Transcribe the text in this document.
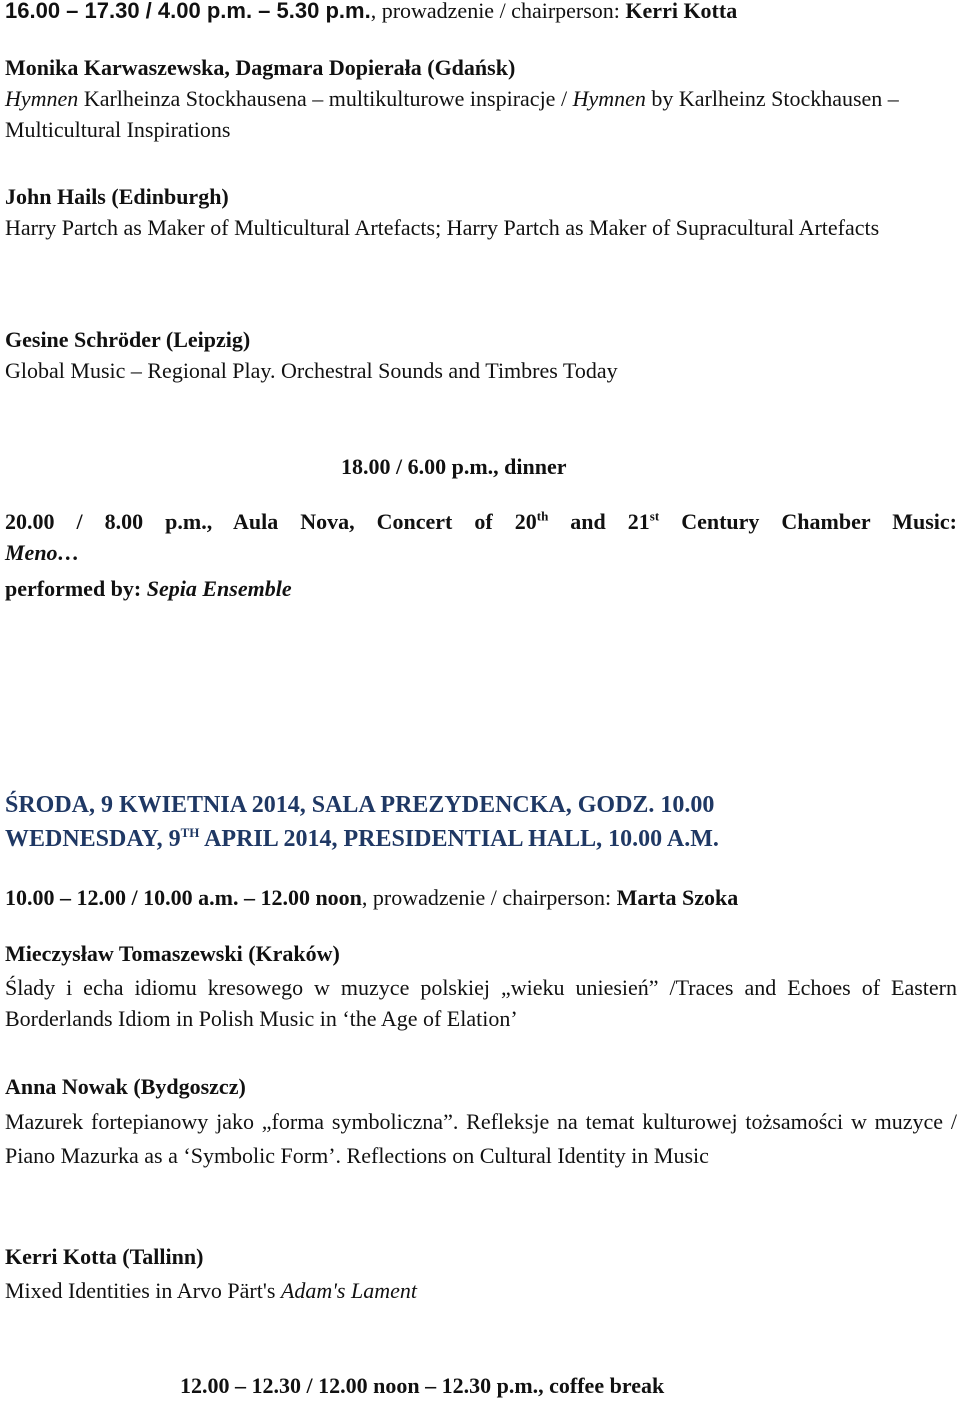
16.00 – 17.30 / 4.00 p.m. – 5.30 p.m., prowadzenie / chairperson: Kerri Kotta
Monika Karwaszewska, Dagmara Dopierała (Gdańsk)
Hymnen Karlheinza Stockhausena – multikulturowe inspiracje / Hymnen by Karlheinz Stockhausen – Multicultural Inspirations
John Hails (Edinburgh)
Harry Partch as Maker of Multicultural Artefacts; Harry Partch as Maker of Supracultural Artefacts
Gesine Schröder (Leipzig)
Global Music – Regional Play. Orchestral Sounds and Timbres Today
18.00 / 6.00 p.m., dinner
20.00 / 8.00 p.m., Aula Nova, Concert of 20th and 21st Century Chamber Music:
Meno…
performed by: Sepia Ensemble
ŚRODA, 9 KWIETNIA 2014, SALA PREZYDENCKA, GODZ. 10.00
WEDNESDAY, 9TH APRIL 2014, PRESIDENTIAL HALL, 10.00 A.M.
10.00 – 12.00 / 10.00 a.m. – 12.00 noon, prowadzenie / chairperson: Marta Szoka
Mieczysław Tomaszewski (Kraków)
Ślady i echa idiomu kresowego w muzyce polskiej „wieku uniesień” /Traces and Echoes of Eastern Borderlands Idiom in Polish Music in ‘the Age of Elation’
Anna Nowak (Bydgoszcz)
Mazurek fortepianowy jako „forma symboliczna”. Refleksje na temat kulturowej tożsamości w muzyce / Piano Mazurka as a ‘Symbolic Form’. Reflections on Cultural Identity in Music
Kerri Kotta (Tallinn)
Mixed Identities in Arvo Pärt's Adam's Lament
12.00 – 12.30 / 12.00 noon – 12.30 p.m., coffee break
